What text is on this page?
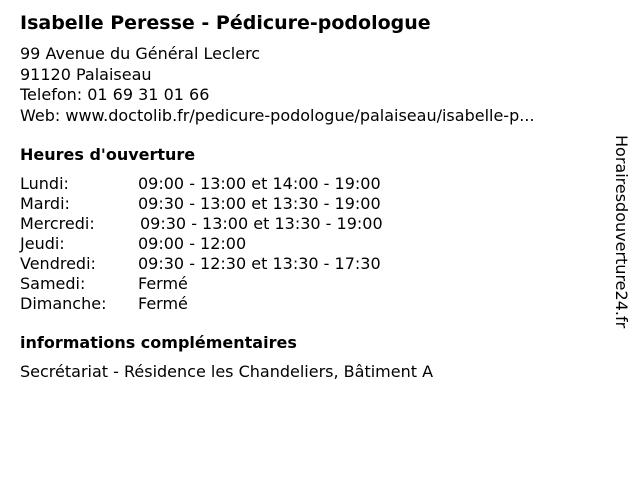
Isabelle Peresse - Pédicure-podologue
99 Avenue du Général Leclerc
91120 Palaiseau
Telefon: 01 69 31 01 66
Web: www.doctolib.fr/pedicure-podologue/palaiseau/isabelle-p...
Heures d'ouverture
Lundi:	09:00 - 13:00 et 14:00 - 19:00
Mardi:	09:30 - 13:00 et 13:30 - 19:00
Mercredi:	09:30 - 13:00 et 13:30 - 19:00
Jeudi:	09:00 - 12:00
Vendredi:	09:30 - 12:30 et 13:30 - 17:30
Samedi:	Fermé
Dimanche:	Fermé
informations complémentaires
Secrétariat - Résidence les Chandeliers, Bâtiment A
Horairesdouverture24.fr
